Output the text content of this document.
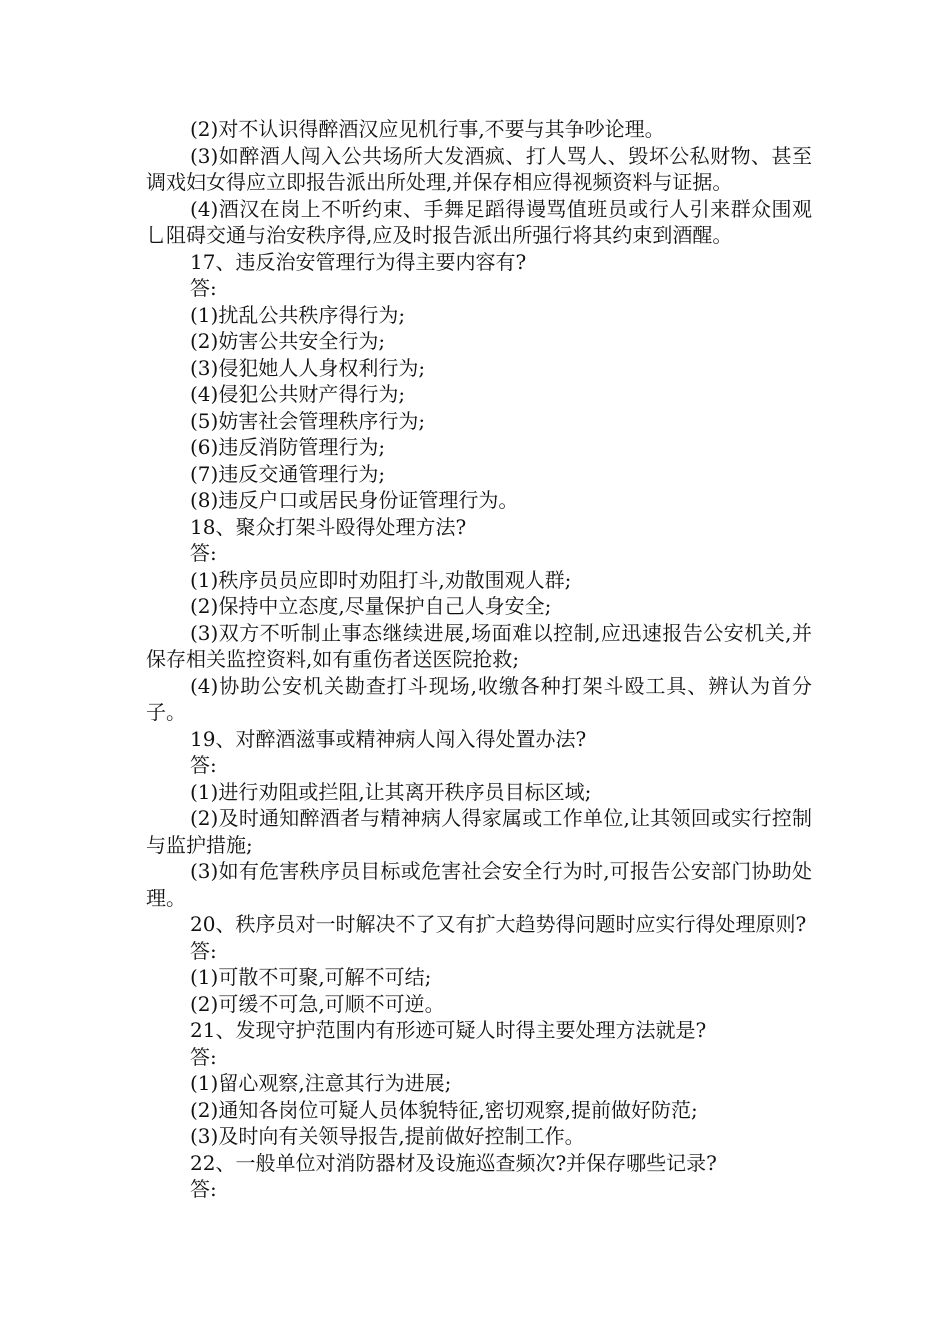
(2)对不认识得醉酒汉应见机行事,不要与其争吵论理。

(3)如醉酒人闯入公共场所大发酒疯、打人骂人、毁坏公私财物、甚至调戏妇女得应立即报告派出所处理,并保存相应得视频资料与证据。

(4)酒汉在岗上不听约束、手舞足蹈得谩骂值班员或行人引来群众围观乚阻碍交通与治安秩序得,应及时报告派出所强行将其约束到酒醒。

17、违反治安管理行为得主要内容有?

答:

(1)扰乱公共秩序得行为;

(2)妨害公共安全行为;

(3)侵犯她人人身权利行为;

(4)侵犯公共财产得行为;

(5)妨害社会管理秩序行为;

(6)违反消防管理行为;

(7)违反交通管理行为;

(8)违反户口或居民身份证管理行为。

18、聚众打架斗殴得处理方法?

答:

(1)秩序员员应即时劝阻打斗,劝散围观人群;

(2)保持中立态度,尽量保护自己人身安全;

(3)双方不听制止事态继续进展,场面难以控制,应迅速报告公安机关,并保存相关监控资料,如有重伤者送医院抢救;

(4)协助公安机关勘查打斗现场,收缴各种打架斗殴工具、辨认为首分子。

19、对醉酒滋事或精神病人闯入得处置办法?

答:

(1)进行劝阻或拦阻,让其离开秩序员目标区域;

(2)及时通知醉酒者与精神病人得家属或工作单位,让其领回或实行控制与监护措施;

(3)如有危害秩序员目标或危害社会安全行为时,可报告公安部门协助处理。

20、秩序员对一时解决不了又有扩大趋势得问题时应实行得处理原则?

答:

(1)可散不可聚,可解不可结;

(2)可缓不可急,可顺不可逆。

21、发现守护范围内有形迹可疑人时得主要处理方法就是?

答:

(1)留心观察,注意其行为进展;

(2)通知各岗位可疑人员体貌特征,密切观察,提前做好防范;

(3)及时向有关领导报告,提前做好控制工作。

22、一般单位对消防器材及设施巡查频次?并保存哪些记录?

答:
